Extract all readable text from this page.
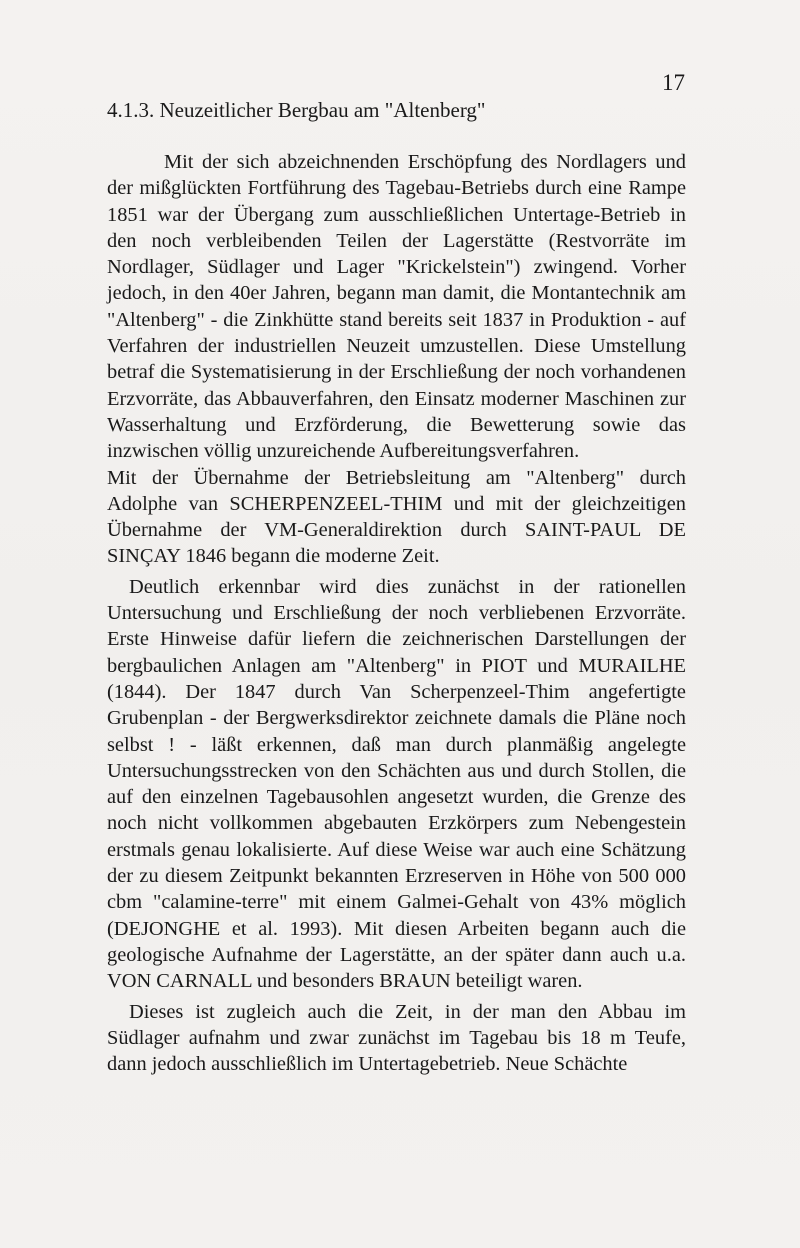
17
4.1.3. Neuzeitlicher Bergbau am "Altenberg"

Mit der sich abzeichnenden Erschöpfung des Nordlagers und der mißglückten Fortführung des Tagebau-Betriebs durch eine Rampe 1851 war der Übergang zum ausschließlichen Untertage-Betrieb in den noch verbleibenden Teilen der Lagerstätte (Restvorräte im Nordlager, Südlager und Lager "Krickelstein") zwingend. Vorher jedoch, in den 40er Jahren, begann man damit, die Montantechnik am "Altenberg" - die Zinkhütte stand bereits seit 1837 in Produktion - auf Verfahren der industriellen Neuzeit umzustellen. Diese Umstellung betraf die Systematisierung in der Erschließung der noch vorhandenen Erzvorräte, das Abbauverfahren, den Einsatz moderner Maschinen zur Wasserhaltung und Erzförderung, die Bewetterung sowie das inzwischen völlig unzureichende Aufbereitungsverfahren.

Mit der Übernahme der Betriebsleitung am "Altenberg" durch Adolphe van SCHERPENZEEL-THIM und mit der gleichzeitigen Übernahme der VM-Generaldirektion durch SAINT-PAUL DE SINÇAY 1846 begann die moderne Zeit.

Deutlich erkennbar wird dies zunächst in der rationellen Untersuchung und Erschließung der noch verbliebenen Erzvorräte. Erste Hinweise dafür liefern die zeichnerischen Darstellungen der bergbaulichen Anlagen am "Altenberg" in PIOT und MURAILHE (1844). Der 1847 durch Van Scherpenzeel-Thim angefertigte Grubenplan - der Bergwerksdirektor zeichnete damals die Pläne noch selbst ! - läßt erkennen, daß man durch planmäßig angelegte Untersuchungsstrecken von den Schächten aus und durch Stollen, die auf den einzelnen Tagebausohlen angesetzt wurden, die Grenze des noch nicht vollkommen abgebauten Erzkörpers zum Nebengestein erstmals genau lokalisierte. Auf diese Weise war auch eine Schätzung der zu diesem Zeitpunkt bekannten Erzreserven in Höhe von 500 000 cbm "calamine-terre" mit einem Galmei-Gehalt von 43% möglich (DEJONGHE et al. 1993). Mit diesen Arbeiten begann auch die geologische Aufnahme der Lagerstätte, an der später dann auch u.a. VON CARNALL und besonders BRAUN beteiligt waren.

Dieses ist zugleich auch die Zeit, in der man den Abbau im Südlager aufnahm und zwar zunächst im Tagebau bis 18 m Teufe, dann jedoch ausschließlich im Untertagebetrieb. Neue Schächte
